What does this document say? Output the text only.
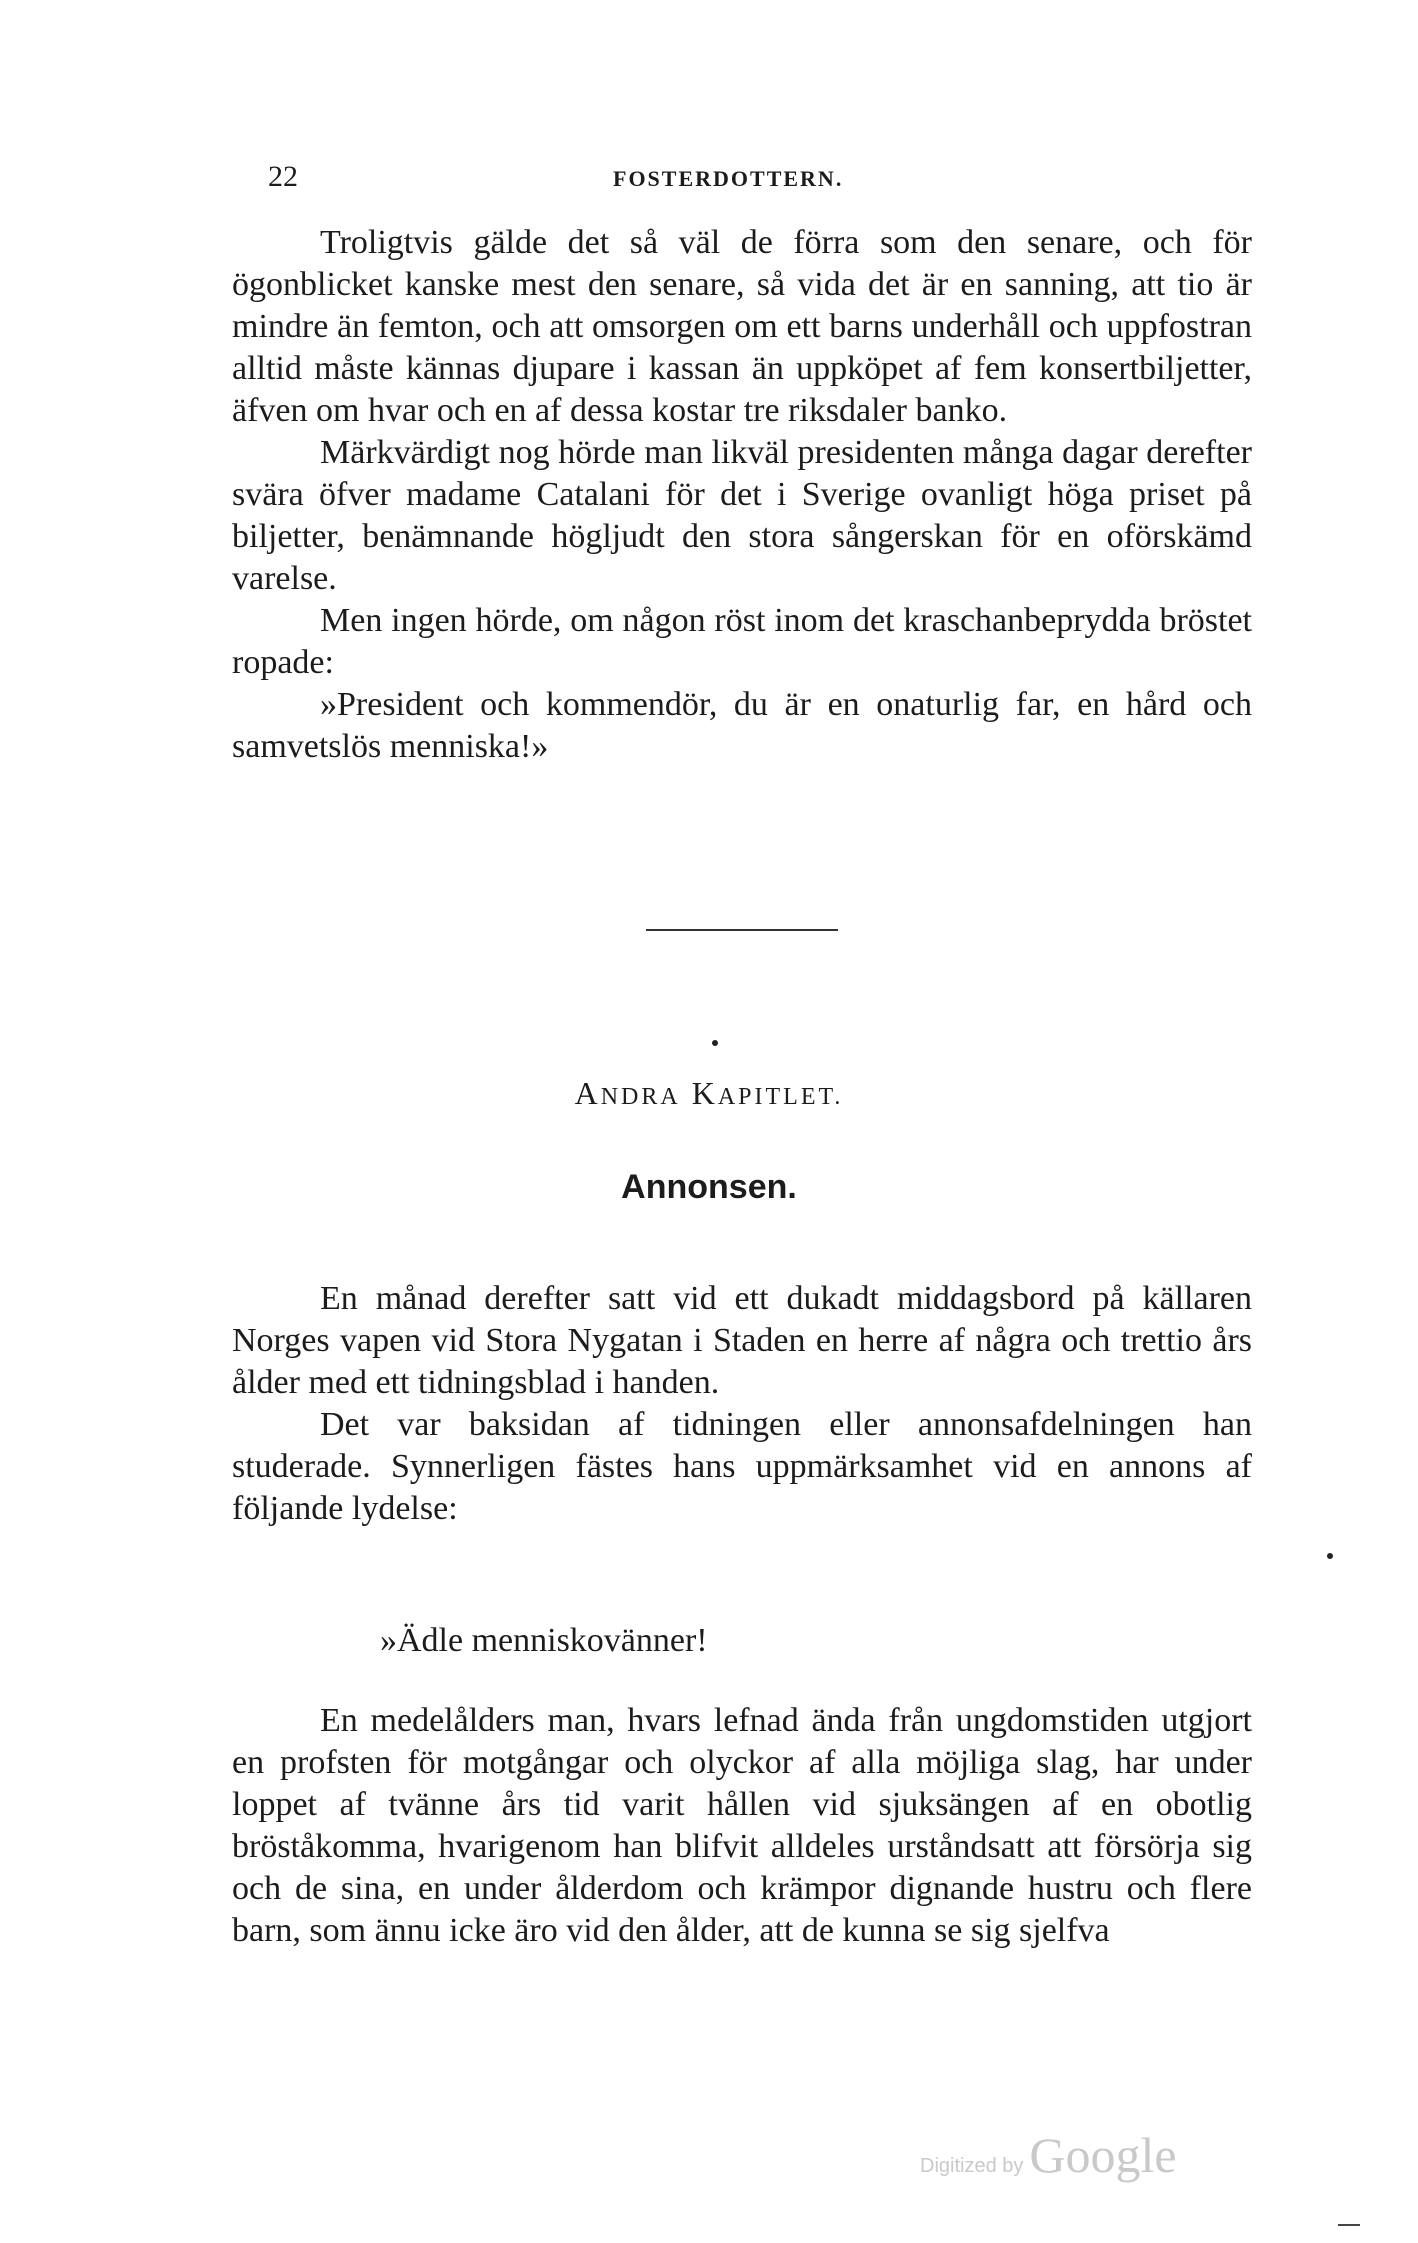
22	FOSTERDOTTERN.

Troligtvis gälde det så väl de förra som den senare, och för ögonblicket kanske mest den senare, så vida det är en sanning, att tio är mindre än femton, och att omsorgen om ett barns underhåll och uppfostran alltid måste kännas djupare i kassan än uppköpet af fem konsertbiljetter, äfven om hvar och en af dessa kostar tre riksdaler banko.

Märkvärdigt nog hörde man likväl presidenten många dagar derefter svära öfver madame Catalani för det i Sverige ovanligt höga priset på biljetter, benämnande högljudt den stora sångerskan för en oförskämd varelse.

Men ingen hörde, om någon röst inom det kraschanbeprydda bröstet ropade:

»President och kommendör, du är en onaturlig far, en hård och samvetslös menniska!»

ANDRA KAPITLET.
Annonsen.

En månad derefter satt vid ett dukadt middagsbord på källaren Norges vapen vid Stora Nygatan i Staden en herre af några och trettio års ålder med ett tidningsblad i handen.

Det var baksidan af tidningen eller annonsafdelningen han studerade. Synnerligen fästes hans uppmärksamhet vid en annons af följande lydelse:

»Ädle menniskovänner!

En medelålders man, hvars lefnad ända från ungdomstiden utgjort en profsten för motgångar och olyckor af alla möjliga slag, har under loppet af tvänne års tid varit hållen vid sjuksängen af en obotlig bröståkomma, hvarigenom han blifvit alldeles urståndsatt att försörja sig och de sina, en under ålderdom och krämpor dignande hustru och flere barn, som ännu icke äro vid den ålder, att de kunna se sig sjelfva

Digitized by Google
